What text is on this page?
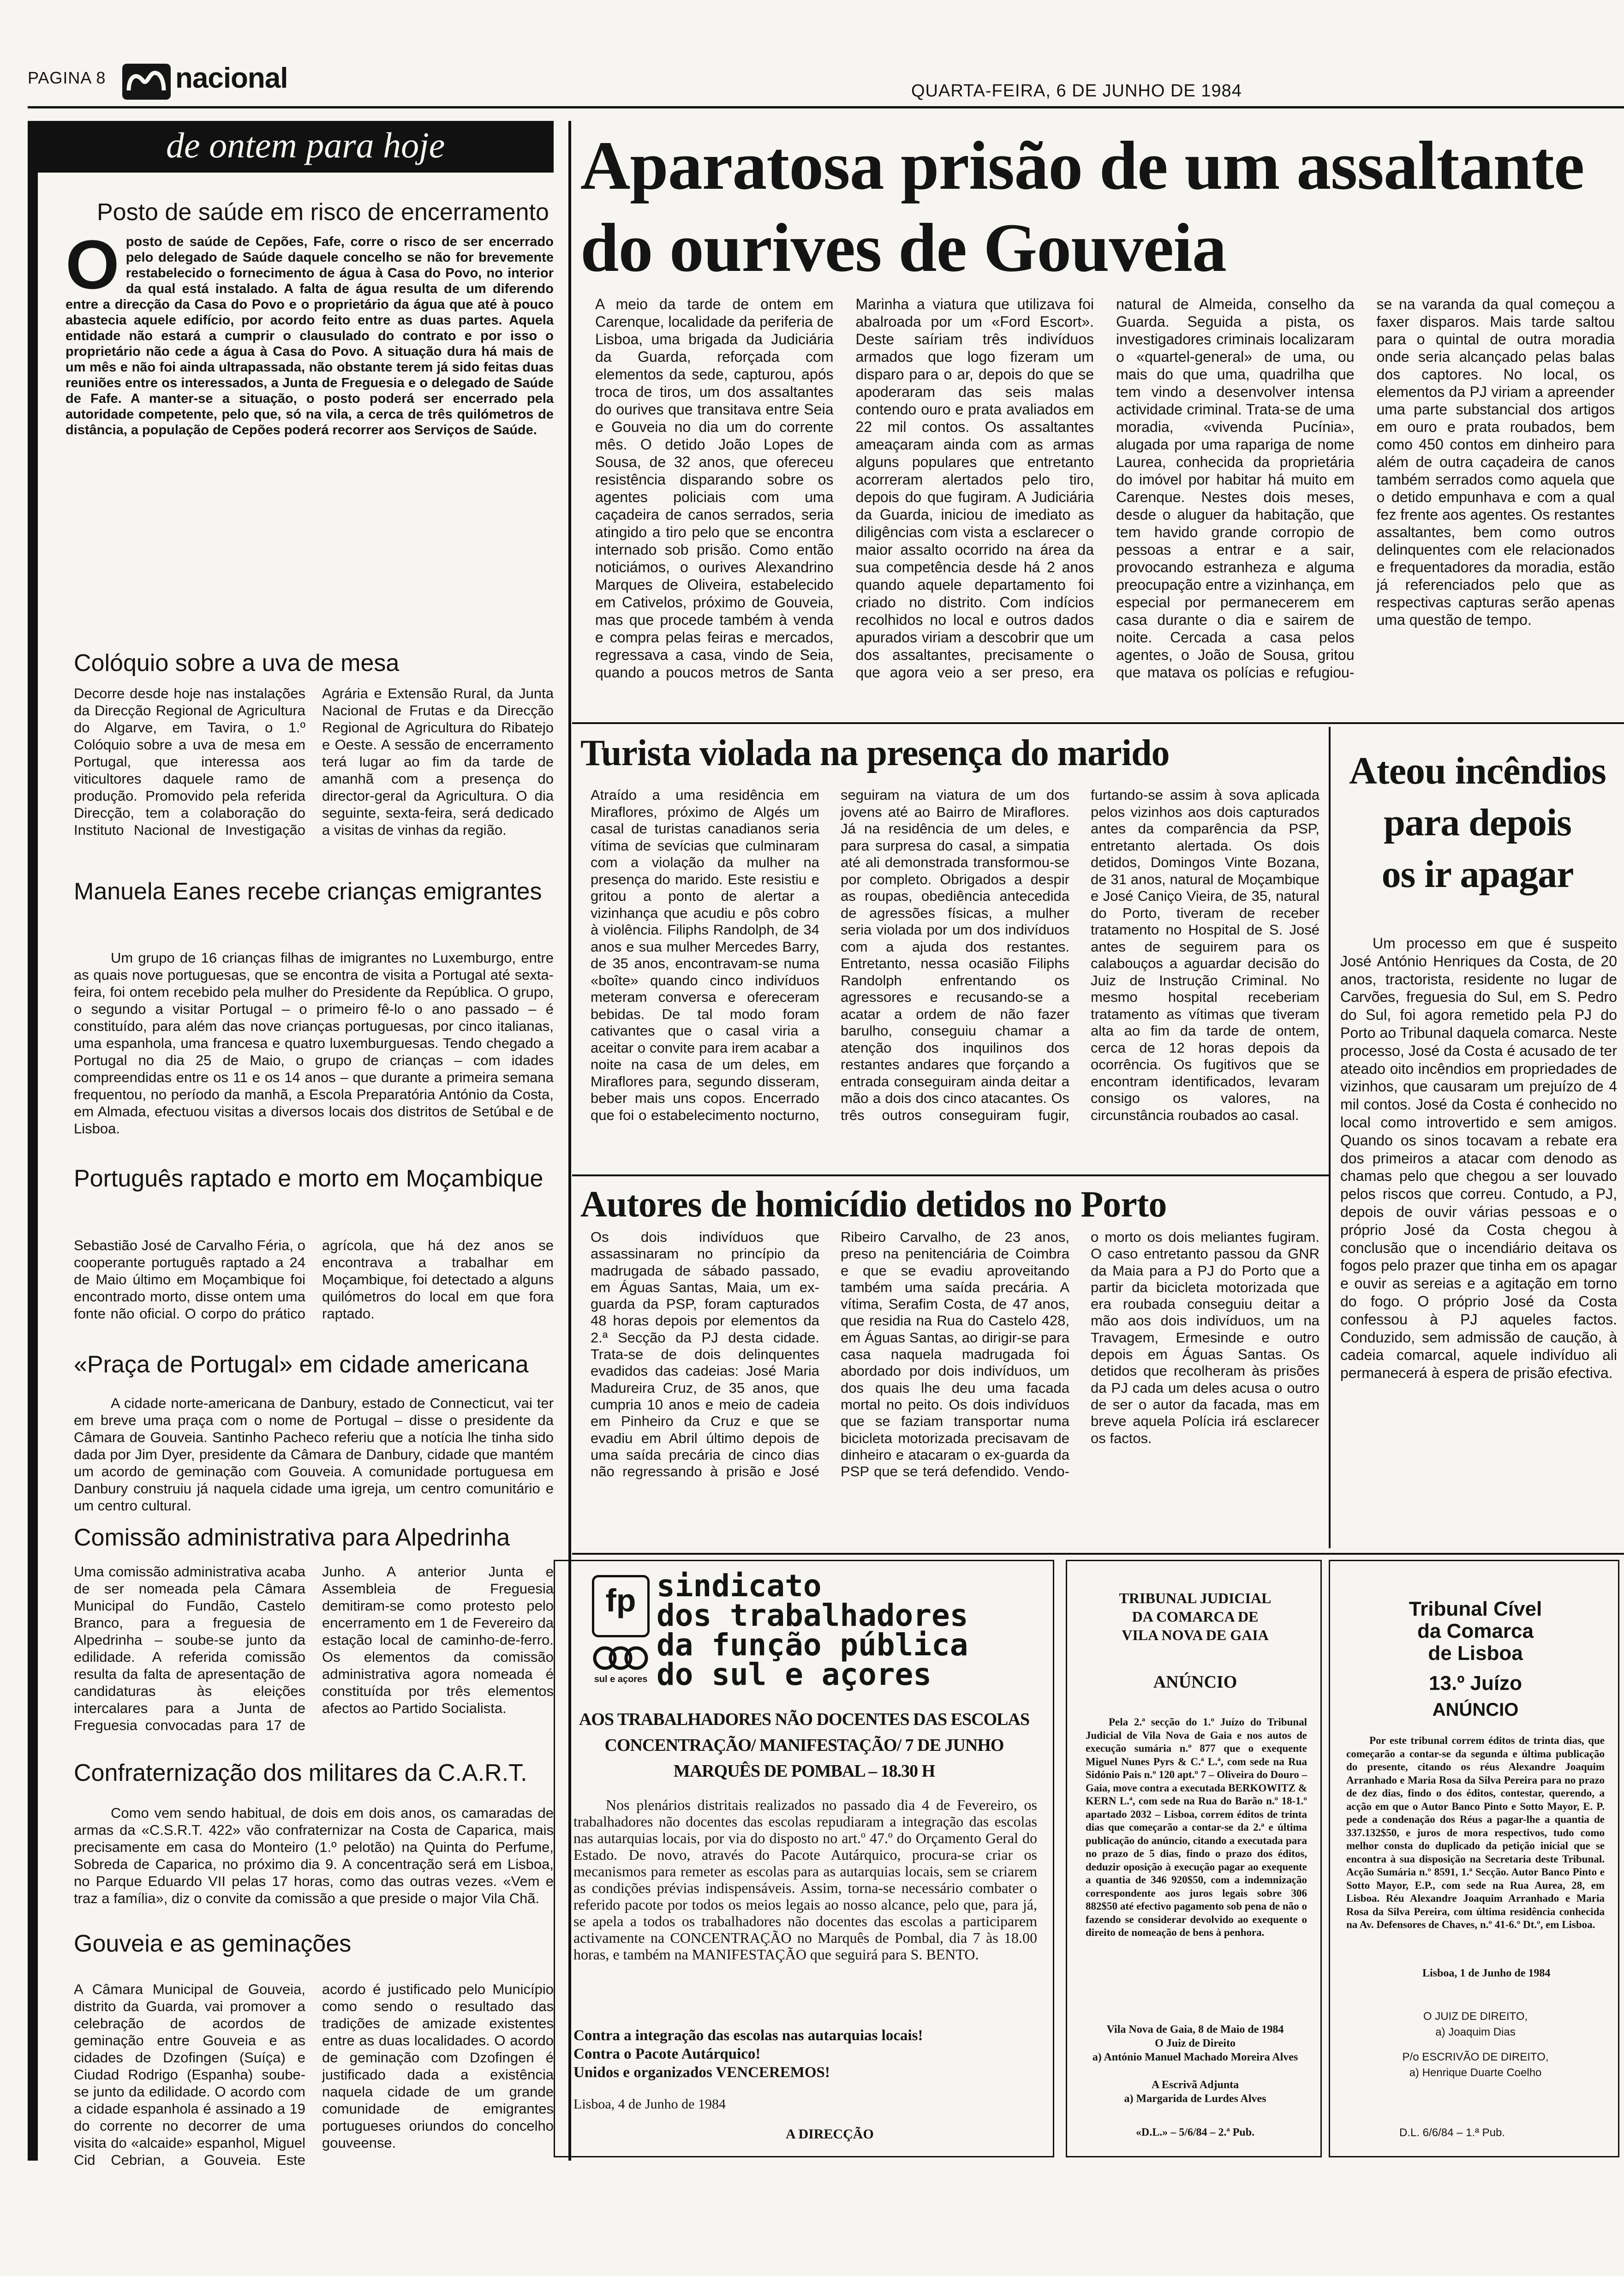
PAGINA 8 nacional	QUARTA-FEIRA, 6 DE JUNHO DE 1984
de ontem para hoje
Posto de saúde em risco de encerramento
O posto de saúde de Cepões, Fafe, corre o risco de ser encerrado pelo delegado de Saúde daquele concelho se não for brevemente restabelecido o fornecimento de água à Casa do Povo, no interior da qual está instalado. A falta de água resulta de um diferendo entre a direcção da Casa do Povo e o proprietário da água que até à pouco abastecia aquele edifício, por acordo feito entre as duas partes. Aquela entidade não estará a cumprir o clausulado do contrato e por isso o proprietário não cede a água à Casa do Povo. A situação dura há mais de um mês e não foi ainda ultrapassada, não obstante terem já sido feitas duas reuniões entre os interessados, a Junta de Freguesia e o delegado de Saúde de Fafe. A manter-se a situação, o posto poderá ser encerrado pela autoridade competente, pelo que, só na vila, a cerca de três quilómetros de distância, a população de Cepões poderá recorrer aos Serviços de Saúde.

Colóquio sobre a uva de mesa

Decorre desde hoje nas instalações da Direcção Regional de Agricultura do Algarve, em Tavira, o 1.º Colóquio sobre a uva de mesa em Portugal, que interessa aos viticultores daquele ramo de produção. Promovido pela referida Direcção, tem a colaboração do Instituto Nacional de Investigação Agrária e Extensão Rural, da Junta Nacional de Frutas e da Direcção Regional de Agricultura do Ribatejo e Oeste. A sessão de encerramento terá lugar ao fim da tarde de amanhã com a presença do director-geral da Agricultura. O dia seguinte, sexta-feira, será dedicado a visitas de vinhas da região.

Manuela Eanes recebe crianças emigrantes

Um grupo de 16 crianças filhas de imigrantes no Luxemburgo, entre as quais nove portuguesas, que se encontra de visita a Portugal até sexta-feira, foi ontem recebido pela mulher do Presidente da República. O grupo, o segundo a visitar Portugal – o primeiro fê-lo o ano passado – é constituído, para além das nove crianças portuguesas, por cinco italianas, uma espanhola, uma francesa e quatro luxemburguesas. Tendo chegado a Portugal no dia 25 de Maio, o grupo de crianças – com idades compreendidas entre os 11 e os 14 anos – que durante a primeira semana frequentou, no período da manhã, a Escola Preparatória António da Costa, em Almada, efectuou visitas a diversos locais dos distritos de Setúbal e de Lisboa.

Português raptado e morto em Moçambique

Sebastião José de Carvalho Féria, o cooperante português raptado a 24 de Maio último em Moçambique foi encontrado morto, disse ontem uma fonte não oficial. O corpo do prático agrícola, que há dez anos se encontrava a trabalhar em Moçambique, foi detectado a alguns quilómetros do local em que fora raptado.

«Praça de Portugal» em cidade americana

A cidade norte-americana de Danbury, estado de Connecticut, vai ter em breve uma praça com o nome de Portugal – disse o presidente da Câmara de Gouveia. Santinho Pacheco referiu que a notícia lhe tinha sido dada por Jim Dyer, presidente da Câmara de Danbury, cidade que mantém um acordo de geminação com Gouveia. A comunidade portuguesa em Danbury construiu já naquela cidade uma igreja, um centro comunitário e um centro cultural.

Comissão administrativa para Alpedrinha

Uma comissão administrativa acaba de ser nomeada pela Câmara Municipal do Fundão, Castelo Branco, para a freguesia de Alpedrinha – soube-se junto da edilidade. A referida comissão resulta da falta de apresentação de candidaturas às eleições intercalares para a Junta de Freguesia convocadas para 17 de Junho. A anterior Junta e Assembleia de Freguesia demitiram-se como protesto pelo encerramento em 1 de Fevereiro da estação local de caminho-de-ferro. Os elementos da comissão administrativa agora nomeada é constituída por três elementos afectos ao Partido Socialista.

Confraternização dos militares da C.A.R.T.

Como vem sendo habitual, de dois em dois anos, os camaradas de armas da «C.S.R.T. 422» vão confraternizar na Costa de Caparica, mais precisamente em casa do Monteiro (1.º pelotão) na Quinta do Perfume, Sobreda de Caparica, no próximo dia 9. A concentração será em Lisboa, no Parque Eduardo VII pelas 17 horas, como das outras vezes. «Vem e traz a família», diz o convite da comissão a que preside o major Vila Chã.

Gouveia e as geminações

A Câmara Municipal de Gouveia, distrito da Guarda, vai promover a celebração de acordos de geminação entre Gouveia e as cidades de Dzofingen (Suíça) e Ciudad Rodrigo (Espanha) soube-se junto da edilidade. O acordo com a cidade espanhola é assinado a 19 do corrente no decorrer de uma visita do «alcaide» espanhol, Miguel Cid Cebrian, a Gouveia. Este acordo é justificado pelo Município como sendo o resultado das tradições de amizade existentes entre as duas localidades. O acordo de geminação com Dzofingen é justificado dada a existência naquela cidade de um grande comunidade de emigrantes portugueses oriundos do concelho gouveense.

Aparatosa prisão de um assaltante do ourives de Gouveia

A meio da tarde de ontem em Carenque, localidade da periferia de Lisboa, uma brigada da Judiciária da Guarda, reforçada com elementos da sede, capturou, após troca de tiros, um dos assaltantes do ourives que transitava entre Seia e Gouveia no dia um do corrente mês. O detido João Lopes de Sousa, de 32 anos, que ofereceu resistência disparando sobre os agentes policiais com uma caçadeira de canos serrados, seria atingido a tiro pelo que se encontra internado sob prisão. Como então noticiámos, o ourives Alexandrino Marques de Oliveira, estabelecido em Cativelos, próximo de Gouveia, mas que procede também à venda e compra pelas feiras e mercados, regressava a casa, vindo de Seia, quando a poucos metros de Santa Marinha a viatura que utilizava foi abalroada por um «Ford Escort». Deste saíriam três indivíduos armados que logo fizeram um disparo para o ar, depois do que se apoderaram das seis malas contendo ouro e prata avaliados em 22 mil contos. Os assaltantes ameaçaram ainda com as armas alguns populares que entretanto acorreram alertados pelo tiro, depois do que fugiram. A Judiciária da Guarda, iniciou de imediato as diligências com vista a esclarecer o maior assalto ocorrido na área da sua competência desde há 2 anos quando aquele departamento foi criado no distrito. Com indícios recolhidos no local e outros dados apurados viriam a descobrir que um dos assaltantes, precisamente o que agora veio a ser preso, era natural de Almeida, conselho da Guarda. Seguida a pista, os investigadores criminais localizaram o «quartel-general» de uma, ou mais do que uma, quadrilha que tem vindo a desenvolver intensa actividade criminal. Trata-se de uma moradia, «vivenda Pucínia», alugada por uma rapariga de nome Laurea, conhecida da proprietária do imóvel por habitar há muito em Carenque. Nestes dois meses, desde o aluguer da habitação, que tem havido grande corropio de pessoas a entrar e a sair, provocando estranheza e alguma preocupação entre a vizinhança, em especial por permanecerem em casa durante o dia e sairem de noite. Cercada a casa pelos agentes, o João de Sousa, gritou que matava os polícias e refugiou-se na varanda da qual começou a faxer disparos. Mais tarde saltou para o quintal de outra moradia onde seria alcançado pelas balas dos captores. No local, os elementos da PJ viriam a apreender uma parte substancial dos artigos em ouro e prata roubados, bem como 450 contos em dinheiro para além de outra caçadeira de canos também serrados como aquela que o detido empunhava e com a qual fez frente aos agentes. Os restantes assaltantes, bem como outros delinquentes com ele relacionados e frequentadores da moradia, estão já referenciados pelo que as respectivas capturas serão apenas uma questão de tempo.

Turista violada na presença do marido

Atraído a uma residência em Miraflores, próximo de Algés um casal de turistas canadianos seria vítima de sevícias que culminaram com a violação da mulher na presença do marido. Este resistiu e gritou a ponto de alertar a vizinhança que acudiu e pôs cobro à violência. Filiphs Randolph, de 34 anos e sua mulher Mercedes Barry, de 35 anos, encontravam-se numa «boîte» quando cinco indivíduos meteram conversa e ofereceram bebidas. De tal modo foram cativantes que o casal viria a aceitar o convite para irem acabar a noite na casa de um deles, em Miraflores para, segundo disseram, beber mais uns copos. Encerrado que foi o estabelecimento nocturno, seguiram na viatura de um dos jovens até ao Bairro de Miraflores. Já na residência de um deles, e para surpresa do casal, a simpatia até ali demonstrada transformou-se por completo. Obrigados a despir as roupas, obediência antecedida de agressões físicas, a mulher seria violada por um dos indivíduos com a ajuda dos restantes. Entretanto, nessa ocasião Filiphs Randolph enfrentando os agressores e recusando-se a acatar a ordem de não fazer barulho, conseguiu chamar a atenção dos inquilinos dos restantes andares que forçando a entrada conseguiram ainda deitar a mão a dois dos cinco atacantes. Os três outros conseguiram fugir, furtando-se assim à sova aplicada pelos vizinhos aos dois capturados antes da comparência da PSP, entretanto alertada. Os dois detidos, Domingos Vinte Bozana, de 31 anos, natural de Moçambique e José Caniço Vieira, de 35, natural do Porto, tiveram de receber tratamento no Hospital de S. José antes de seguirem para os calabouços a aguardar decisão do Juiz de Instrução Criminal. No mesmo hospital receberiam tratamento as vítimas que tiveram alta ao fim da tarde de ontem, cerca de 12 horas depois da ocorrência. Os fugitivos que se encontram identificados, levaram consigo os valores, na circunstância roubados ao casal.

Autores de homicídio detidos no Porto

Os dois indivíduos que assassinaram no princípio da madrugada de sábado passado, em Águas Santas, Maia, um ex-guarda da PSP, foram capturados 48 horas depois por elementos da 2.ª Secção da PJ desta cidade. Trata-se de dois delinquentes evadidos das cadeias: José Maria Madureira Cruz, de 35 anos, que cumpria 10 anos e meio de cadeia em Pinheiro da Cruz e que se evadiu em Abril último depois de uma saída precária de cinco dias não regressando à prisão e José Ribeiro Carvalho, de 23 anos, preso na penitenciária de Coimbra e que se evadiu aproveitando também uma saída precária. A vítima, Serafim Costa, de 47 anos, que residia na Rua do Castelo 428, em Águas Santas, ao dirigir-se para casa naquela madrugada foi abordado por dois indivíduos, um dos quais lhe deu uma facada mortal no peito. Os dois indivíduos que se faziam transportar numa bicicleta motorizada precisavam de dinheiro e atacaram o ex-guarda da PSP que se terá defendido. Vendo-o morto os dois meliantes fugiram. O caso entretanto passou da GNR da Maia para a PJ do Porto que a partir da bicicleta motorizada que era roubada conseguiu deitar a mão aos dois indivíduos, um na Travagem, Ermesinde e outro depois em Águas Santas. Os detidos que recolheram às prisões da PJ cada um deles acusa o outro de ser o autor da facada, mas em breve aquela Polícia irá esclarecer os factos.

Ateou incêndios
para depois
os ir apagar

Um processo em que é suspeito José António Henriques da Costa, de 20 anos, tractorista, residente no lugar de Carvões, freguesia do Sul, em S. Pedro do Sul, foi agora remetido pela PJ do Porto ao Tribunal daquela comarca. Neste processo, José da Costa é acusado de ter ateado oito incêndios em propriedades de vizinhos, que causaram um prejuízo de 4 mil contos. José da Costa é conhecido no local como introvertido e sem amigos. Quando os sinos tocavam a rebate era dos primeiros a atacar com denodo as chamas pelo que chegou a ser louvado pelos riscos que correu. Contudo, a PJ, depois de ouvir várias pessoas e o próprio José da Costa chegou à conclusão que o incendiário deitava os fogos pelo prazer que tinha em os apagar e ouvir as sereias e a agitação em torno do fogo. O próprio José da Costa confessou à PJ aqueles factos. Conduzido, sem admissão de caução, à cadeia comarcal, aquele indivíduo ali permanecerá à espera de prisão efectiva.

fp
sul e açores
sindicato
dos trabalhadores
da função pública
do sul e açores
AOS TRABALHADORES NÃO DOCENTES DAS ESCOLAS
CONCENTRAÇÃO/ MANIFESTAÇÃO/ 7 DE JUNHO
MARQUÊS DE POMBAL – 18.30 H

Nos plenários distritais realizados no passado dia 4 de Fevereiro, os trabalhadores não docentes das escolas repudiaram a integração das escolas nas autarquias locais, por via do disposto no art.º 47.º do Orçamento Geral do Estado. De novo, através do Pacote Autárquico, procura-se criar os mecanismos para remeter as escolas para as autarquias locais, sem se criarem as condições prévias indispensáveis. Assim, torna-se necessário combater o referido pacote por todos os meios legais ao nosso alcance, pelo que, para já, se apela a todos os trabalhadores não docentes das escolas a participarem activamente na CONCENTRAÇÃO no Marquês de Pombal, dia 7 às 18.00 horas, e também na MANIFESTAÇÃO que seguirá para S. BENTO.

Contra a integração das escolas nas autarquias locais!
Contra o Pacote Autárquico!
Unidos e organizados VENCEREMOS!
Lisboa, 4 de Junho de 1984
A DIRECÇÃO
TRIBUNAL JUDICIAL
DA COMARCA DE
VILA NOVA DE GAIA
ANÚNCIO

Pela 2.ª secção do 1.º Juízo do Tribunal Judicial de Vila Nova de Gaia e nos autos de execução sumária n.º 877 que o exequente Miguel Nunes Pyrs & C.ª L.ª, com sede na Rua Sidónio Pais n.º 120 apt.º 7 – Oliveira do Douro – Gaia, move contra a executada BERKOWITZ & KERN L.ª, com sede na Rua do Barão n.º 18-1.º apartado 2032 – Lisboa, correm éditos de trinta dias que começarão a contar-se da 2.ª e última publicação do anúncio, citando a executada para no prazo de 5 dias, findo o prazo dos éditos, deduzir oposição à execução pagar ao exequente a quantia de 346 920$50, com a indemnização correspondente aos juros legais sobre 306 882$50 até efectivo pagamento sob pena de não o fazendo se considerar devolvido ao exequente o direito de nomeação de bens à penhora.

Vila Nova de Gaia, 8 de Maio de 1984
O Juiz de Direito
a) António Manuel Machado Moreira Alves
A Escrivã Adjunta
a) Margarida de Lurdes Alves
«D.L.» – 5/6/84 – 2.ª Pub.
Tribunal Cível
da Comarca
de Lisboa
13.º Juízo
ANÚNCIO

Por este tribunal correm éditos de trinta dias, que começarão a contar-se da segunda e última publicação do presente, citando os réus Alexandre Joaquim Arranhado e Maria Rosa da Silva Pereira para no prazo de dez dias, findo o dos éditos, contestar, querendo, a acção em que o Autor Banco Pinto e Sotto Mayor, E. P. pede a condenação dos Réus a pagar-lhe a quantia de 337.132$50, e juros de mora respectivos, tudo como melhor consta do duplicado da petição inicial que se encontra à sua disposição na Secretaria deste Tribunal. Acção Sumária n.º 8591, 1.ª Secção. Autor Banco Pinto e Sotto Mayor, E.P., com sede na Rua Aurea, 28, em Lisboa. Réu Alexandre Joaquim Arranhado e Maria Rosa da Silva Pereira, com última residência conhecida na Av. Defensores de Chaves, n.º 41-6.º Dt.º, em Lisboa.

Lisboa, 1 de Junho de 1984
O JUIZ DE DIREITO,
a) Joaquim Dias
P/o ESCRIVÃO DE DIREITO,
a) Henrique Duarte Coelho
D.L. 6/6/84 – 1.ª Pub.
